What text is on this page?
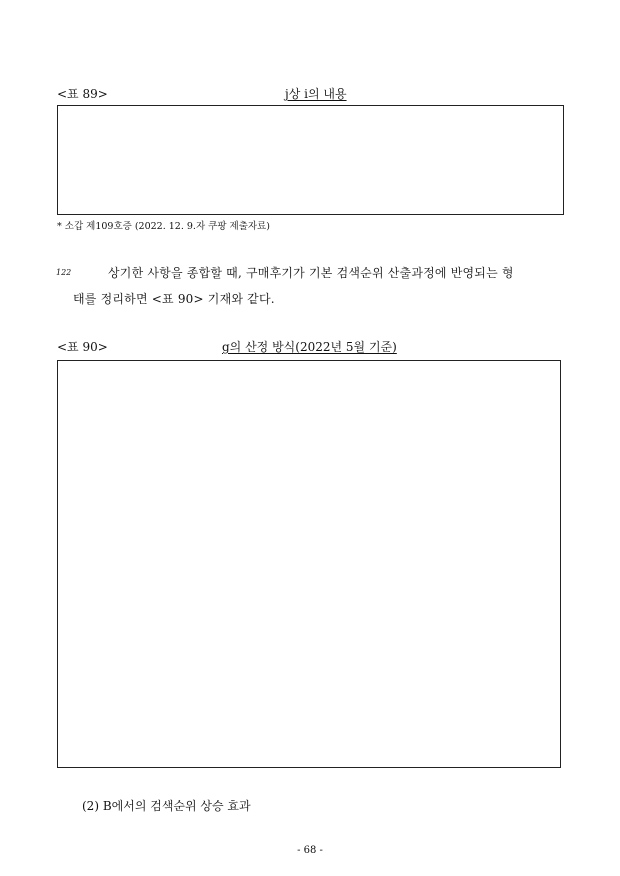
<표 89>	j상 i의 내용
* 소갑 제109호증 (2022. 12. 9.자 쿠팡 제출자료)
122	상기한 사항을 종합할 때, 구매후기가 기본 검색순위 산출과정에 반영되는 형
태를 정리하면 <표 90> 기재와 같다.
<표 90>	g의 산정 방식(2022년 5월 기준)
(2) B에서의 검색순위 상승 효과
- 68 -
